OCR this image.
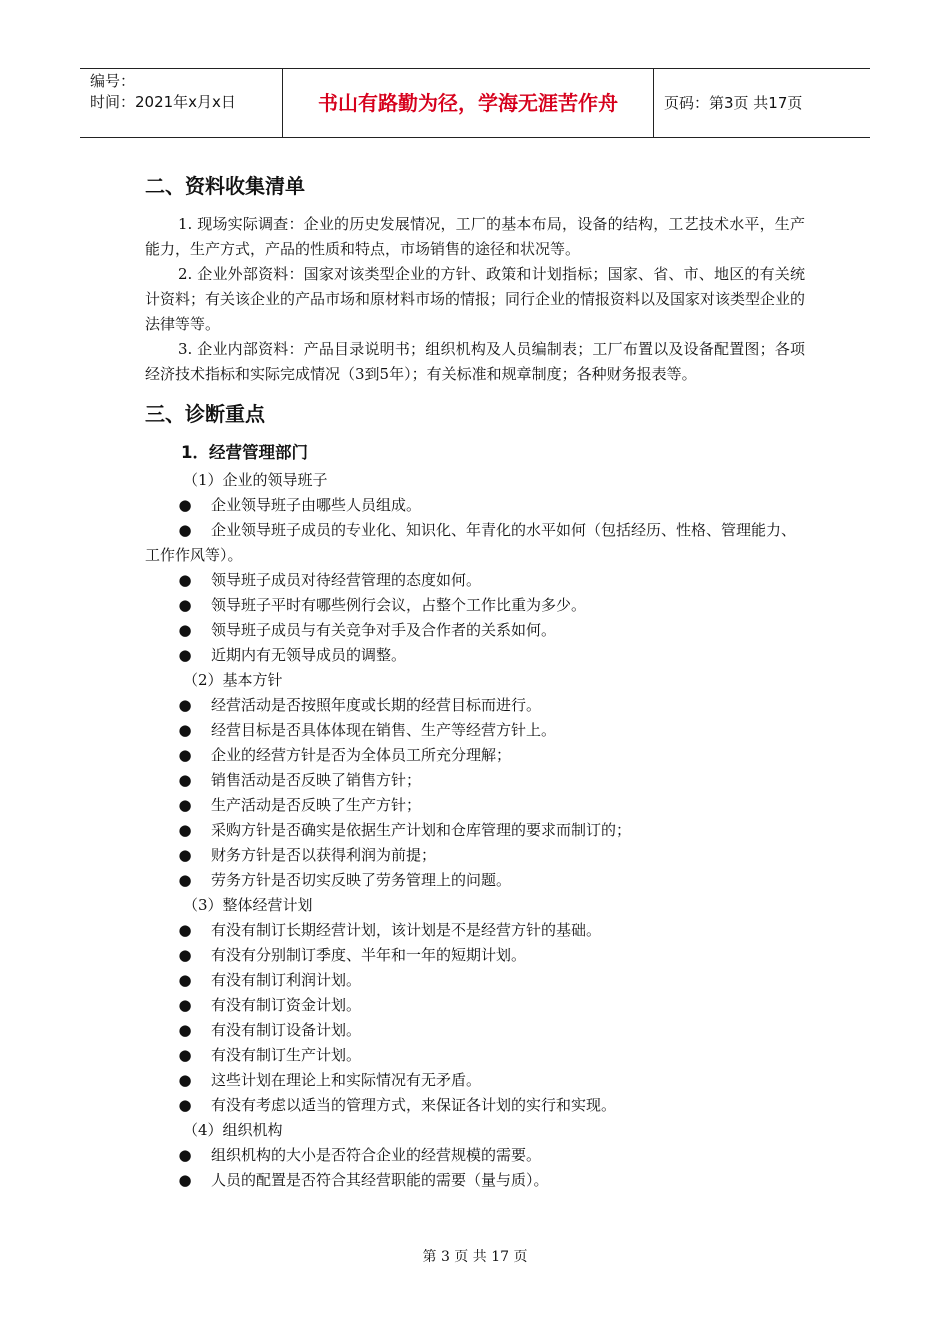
编号：
时间：2021年x月x日	书山有路勤为径，学海无涯苦作舟	页码：第3页 共17页
二、资料收集清单

1. 现场实际调查：企业的历史发展情况，工厂的基本布局，设备的结构，工艺技术水平，生产能力，生产方式，产品的性质和特点，市场销售的途径和状况等。

2. 企业外部资料：国家对该类型企业的方针、政策和计划指标；国家、省、市、地区的有关统计资料；有关该企业的产品市场和原材料市场的情报；同行企业的情报资料以及国家对该类型企业的法律等等。

3. 企业内部资料：产品目录说明书；组织机构及人员编制表；工厂布置以及设备配置图；各项经济技术指标和实际完成情况（3到5年）；有关标准和规章制度；各种财务报表等。

三、诊断重点
1．经营管理部门
（1）企业的领导班子
● 企业领导班子由哪些人员组成。
● 企业领导班子成员的专业化、知识化、年青化的水平如何（包括经历、性格、管理能力、工作作风等）。
● 领导班子成员对待经营管理的态度如何。
● 领导班子平时有哪些例行会议，占整个工作比重为多少。
● 领导班子成员与有关竞争对手及合作者的关系如何。
● 近期内有无领导成员的调整。
（2）基本方针
● 经营活动是否按照年度或长期的经营目标而进行。
● 经营目标是否具体体现在销售、生产等经营方针上。
● 企业的经营方针是否为全体员工所充分理解；
● 销售活动是否反映了销售方针；
● 生产活动是否反映了生产方针；
● 采购方针是否确实是依据生产计划和仓库管理的要求而制订的；
● 财务方针是否以获得利润为前提；
● 劳务方针是否切实反映了劳务管理上的问题。
（3）整体经营计划
● 有没有制订长期经营计划，该计划是不是经营方针的基础。
● 有没有分别制订季度、半年和一年的短期计划。
● 有没有制订利润计划。
● 有没有制订资金计划。
● 有没有制订设备计划。
● 有没有制订生产计划。
● 这些计划在理论上和实际情况有无矛盾。
● 有没有考虑以适当的管理方式，来保证各计划的实行和实现。
（4）组织机构
● 组织机构的大小是否符合企业的经营规模的需要。
● 人员的配置是否符合其经营职能的需要（量与质）。
第 3 页 共 17 页
